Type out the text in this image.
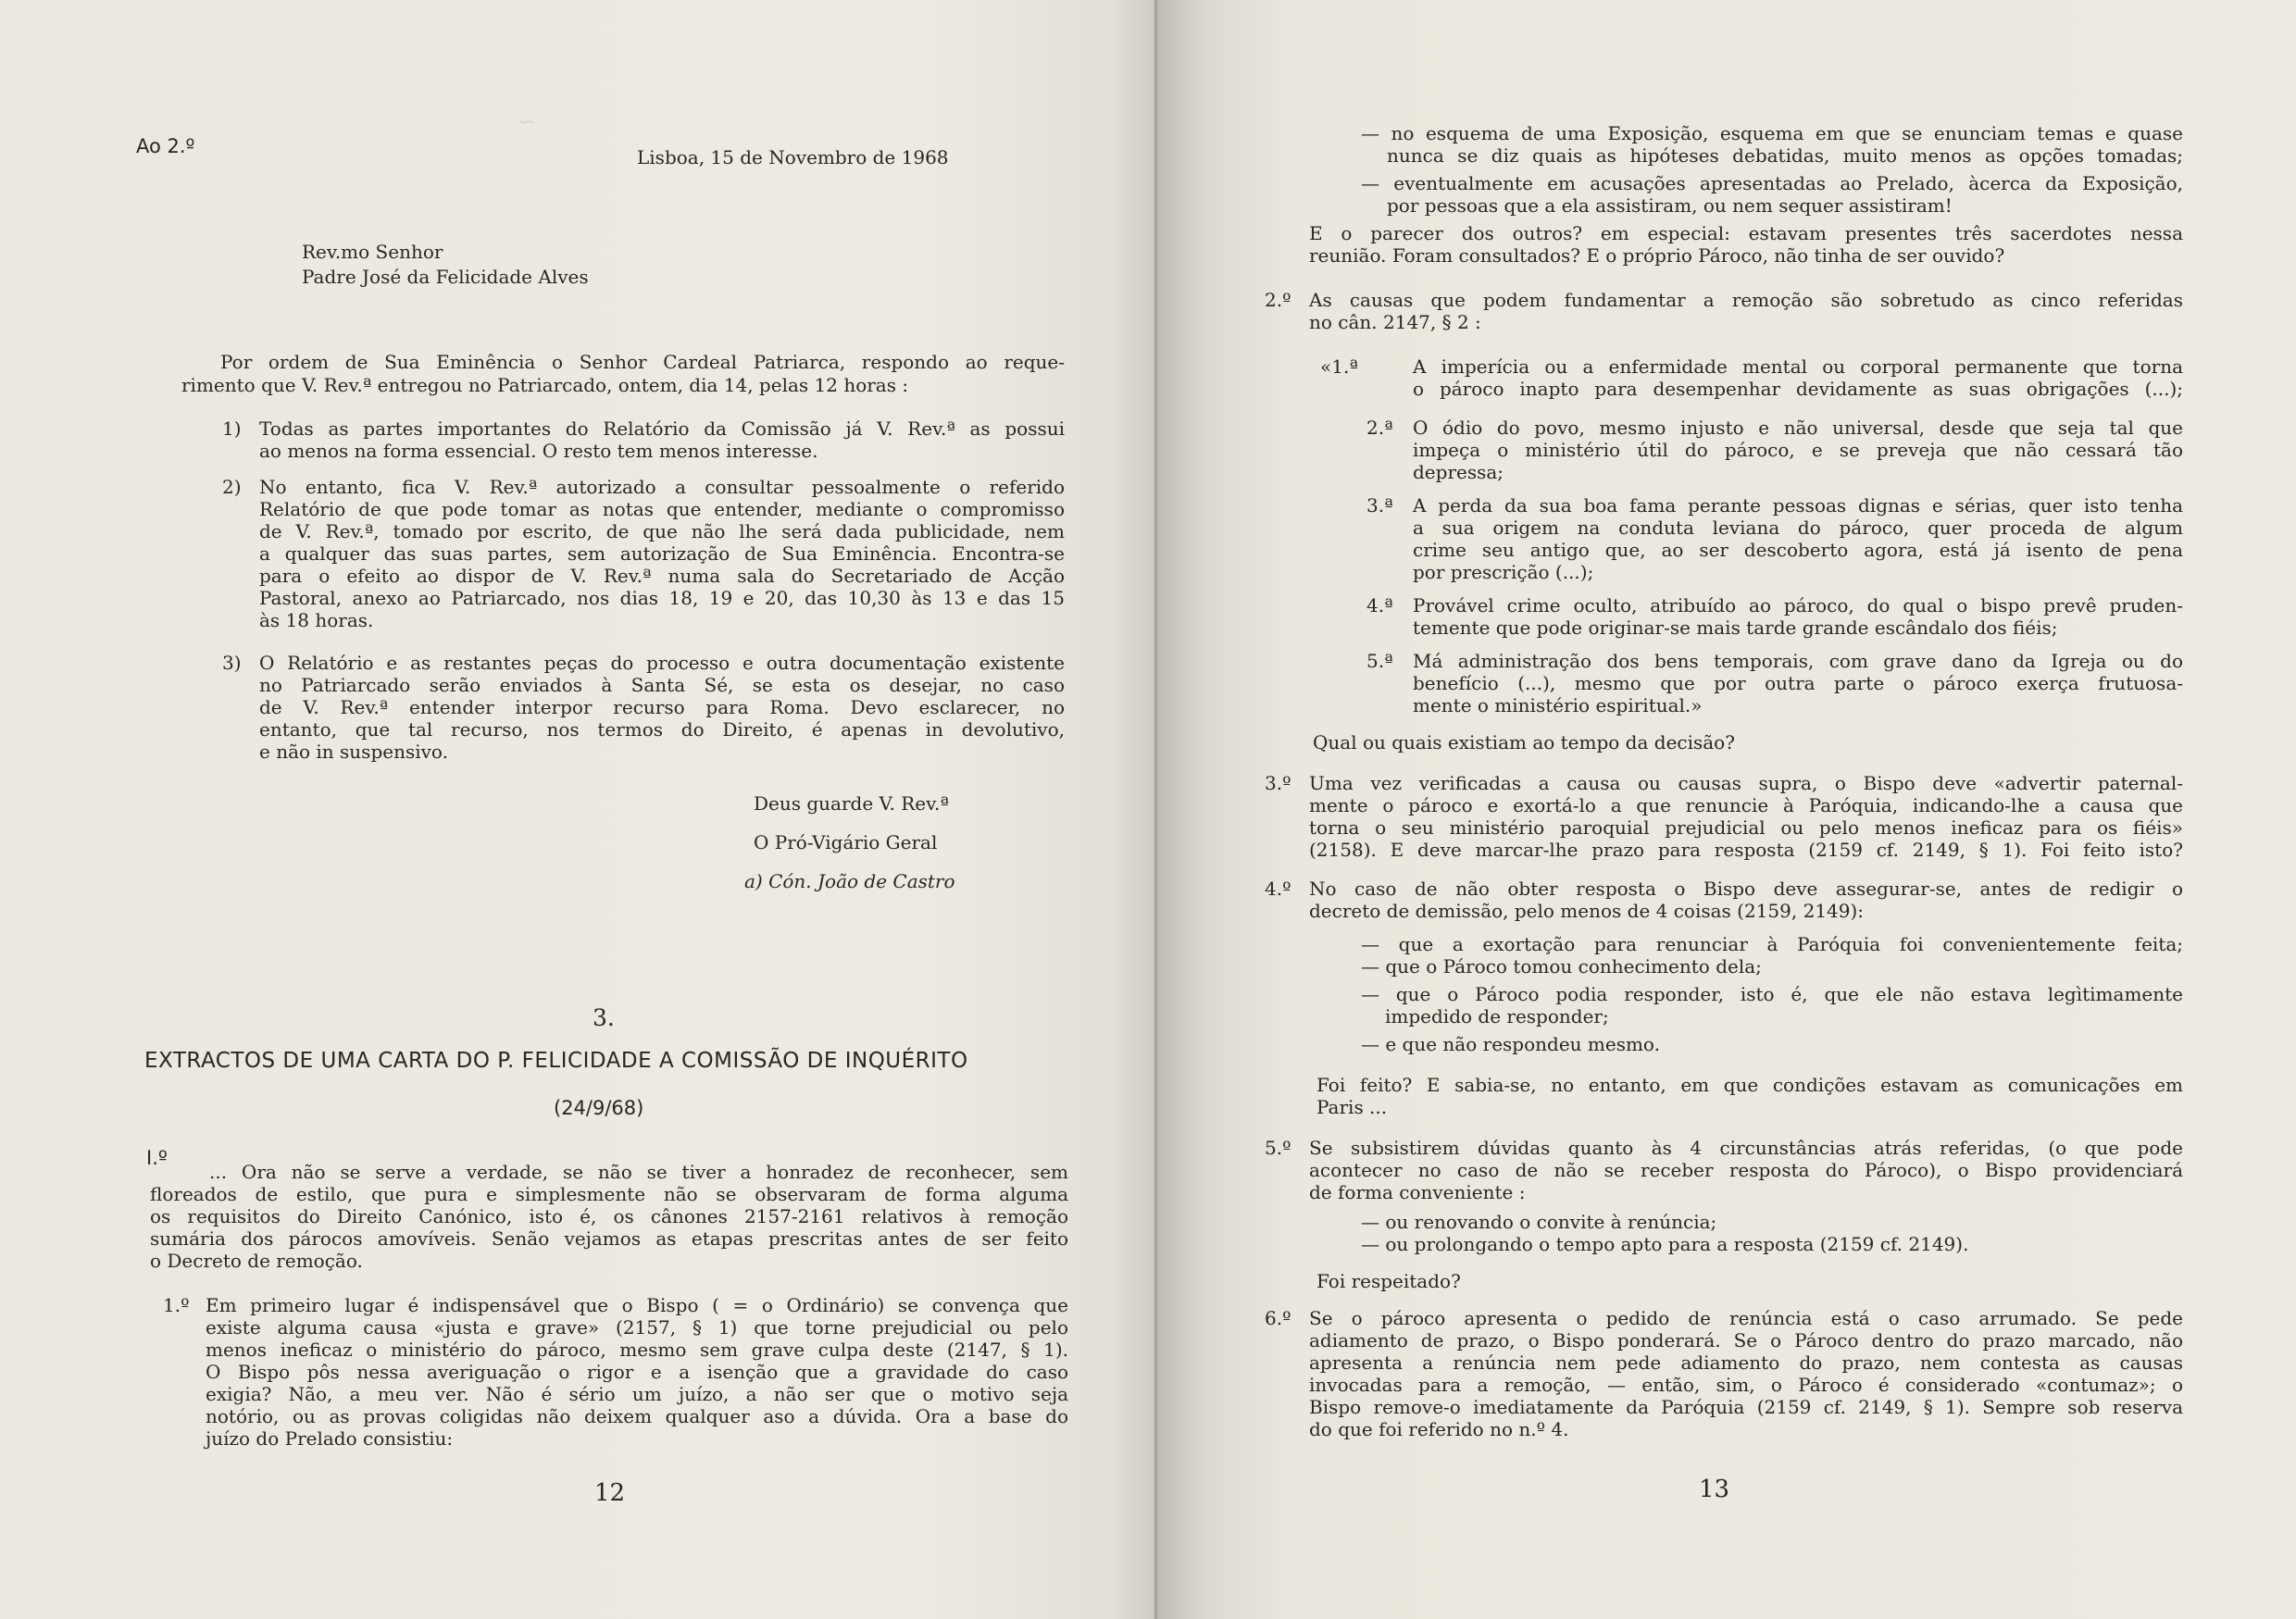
~
Ao 2.º	Lisboa, 15 de Novembro de 1968
Rev.mo Senhor
Padre José da Felicidade Alves
Por ordem de Sua Eminência o Senhor Cardeal Patriarca, respondo ao reque-
rimento que V. Rev.ª entregou no Patriarcado, ontem, dia 14, pelas 12 horas :
1) Todas as partes importantes do Relatório da Comissão já V. Rev.ª as possui
ao menos na forma essencial. O resto tem menos interesse.
2) No entanto, fica V. Rev.ª autorizado a consultar pessoalmente o referido
Relatório de que pode tomar as notas que entender, mediante o compromisso
de V. Rev.ª, tomado por escrito, de que não lhe será dada publicidade, nem
a qualquer das suas partes, sem autorização de Sua Eminência. Encontra-se
para o efeito ao dispor de V. Rev.ª numa sala do Secretariado de Acção
Pastoral, anexo ao Patriarcado, nos dias 18, 19 e 20, das 10,30 às 13 e das 15
às 18 horas.
3) O Relatório e as restantes peças do processo e outra documentação existente
no Patriarcado serão enviados à Santa Sé, se esta os desejar, no caso
de V. Rev.ª entender interpor recurso para Roma. Devo esclarecer, no
entanto, que tal recurso, nos termos do Direito, é apenas in devolutivo,
e não in suspensivo.
Deus guarde V. Rev.ª
O Pró-Vigário Geral
a) Cón. João de Castro
3.
EXTRACTOS DE UMA CARTA DO P. FELICIDADE A COMISSÃO DE INQUÉRITO
(24/9/68)
I.º
... Ora não se serve a verdade, se não se tiver a honradez de reconhecer, sem
floreados de estilo, que pura e simplesmente não se observaram de forma alguma
os requisitos do Direito Canónico, isto é, os cânones 2157-2161 relativos à remoção
sumária dos párocos amovíveis. Senão vejamos as etapas prescritas antes de ser feito
o Decreto de remoção.
1.º Em primeiro lugar é indispensável que o Bispo ( = o Ordinário) se convença que
existe alguma causa «justa e grave» (2157, § 1) que torne prejudicial ou pelo
menos ineficaz o ministério do pároco, mesmo sem grave culpa deste (2147, § 1).
O Bispo pôs nessa averiguação o rigor e a isenção que a gravidade do caso
exigia? Não, a meu ver. Não é sério um juízo, a não ser que o motivo seja
notório, ou as provas coligidas não deixem qualquer aso a dúvida. Ora a base do
juízo do Prelado consistiu:
12
— no esquema de uma Exposição, esquema em que se enunciam temas e quase
nunca se diz quais as hipóteses debatidas, muito menos as opções tomadas;
— eventualmente em acusações apresentadas ao Prelado, àcerca da Exposição,
por pessoas que a ela assistiram, ou nem sequer assistiram!
E o parecer dos outros? em especial: estavam presentes três sacerdotes nessa
reunião. Foram consultados? E o próprio Pároco, não tinha de ser ouvido?
2.º As causas que podem fundamentar a remoção são sobretudo as cinco referidas
no cân. 2147, § 2 :
«1.ª	A imperícia ou a enfermidade mental ou corporal permanente que torna
o pároco inapto para desempenhar devidamente as suas obrigações (...);
2.ª O ódio do povo, mesmo injusto e não universal, desde que seja tal que
impeça o ministério útil do pároco, e se preveja que não cessará tão
depressa;
3.ª A perda da sua boa fama perante pessoas dignas e sérias, quer isto tenha
a sua origem na conduta leviana do pároco, quer proceda de algum
crime seu antigo que, ao ser descoberto agora, está já isento de pena
por prescrição (...);
4.ª Provável crime oculto, atribuído ao pároco, do qual o bispo prevê pruden-
temente que pode originar-se mais tarde grande escândalo dos fiéis;
5.ª Má administração dos bens temporais, com grave dano da Igreja ou do
benefício (...), mesmo que por outra parte o pároco exerça frutuosa-
mente o ministério espiritual.»
Qual ou quais existiam ao tempo da decisão?
3.º Uma vez verificadas a causa ou causas supra, o Bispo deve «advertir paternal-
mente o pároco e exortá-lo a que renuncie à Paróquia, indicando-lhe a causa que
torna o seu ministério paroquial prejudicial ou pelo menos ineficaz para os fiéis»
(2158). E deve marcar-lhe prazo para resposta (2159 cf. 2149, § 1). Foi feito isto?
4.º No caso de não obter resposta o Bispo deve assegurar-se, antes de redigir o
decreto de demissão, pelo menos de 4 coisas (2159, 2149):
— que a exortação para renunciar à Paróquia foi convenientemente feita;
— que o Pároco tomou conhecimento dela;
— que o Pároco podia responder, isto é, que ele não estava legìtimamente
impedido de responder;
— e que não respondeu mesmo.
Foi feito? E sabia-se, no entanto, em que condições estavam as comunicações em
Paris ...
5.º Se subsistirem dúvidas quanto às 4 circunstâncias atrás referidas, (o que pode
acontecer no caso de não se receber resposta do Pároco), o Bispo providenciará
de forma conveniente :
— ou renovando o convite à renúncia;
— ou prolongando o tempo apto para a resposta (2159 cf. 2149).
Foi respeitado?
6.º Se o pároco apresenta o pedido de renúncia está o caso arrumado. Se pede
adiamento de prazo, o Bispo ponderará. Se o Pároco dentro do prazo marcado, não
apresenta a renúncia nem pede adiamento do prazo, nem contesta as causas
invocadas para a remoção, — então, sim, o Pároco é considerado «contumaz»; o
Bispo remove-o imediatamente da Paróquia (2159 cf. 2149, § 1). Sempre sob reserva
do que foi referido no n.º 4.
13
